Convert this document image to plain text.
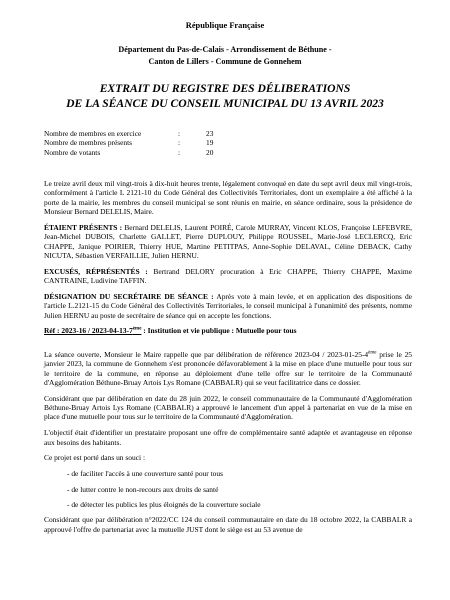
République Française
Département du Pas-de-Calais - Arrondissement de Béthune -
Canton de Lillers - Commune de Gonnehem
EXTRAIT DU REGISTRE DES DÉLIBERATIONS
DE LA SÉANCE DU CONSEIL MUNICIPAL DU 13 AVRIL 2023
Nombre de membres en exercice	:	23
Nombre de membres présents	:	19
Nombre de votants	:	20

Le treize avril deux mil vingt-trois à dix-huit heures trente, légalement convoqué en date du sept avril deux mil vingt-trois, conformément à l'article L 2121-10 du Code Général des Collectivités Territoriales, dont un exemplaire a été affiché à la porte de la mairie, les membres du conseil municipal se sont réunis en mairie, en séance ordinaire, sous la présidence de Monsieur Bernard DELELIS, Maire.

ÉTAIENT PRÉSENTS : Bernard DELELIS, Laurent POIRÉ, Carole MURRAY, Vincent KLOS, Françoise LEFEBVRE, Jean-Michel DUBOIS, Charlette GALLET, Pierre DUPLOUY, Philippe ROUSSEL, Marie-José LECLERCQ, Eric CHAPPE, Janique POIRIER, Thierry HUE, Martine PETITPAS, Anne-Sophie DELAVAL, Céline DEBACK, Cathy NICUTA, Sébastien VERFAILLIE, Julien HERNU.

EXCUSÉS, RÉPRÉSENTÉS : Bertrand DELORY procuration à Eric CHAPPE, Thierry CHAPPE, Maxime CANTRAINE, Ludivine TAFFIN.

DÉSIGNATION DU SECRÉTAIRE DE SÉANCE : Après vote à main levée, et en application des dispositions de l'article L.2121-15 du Code Général des Collectivités Territoriales, le conseil municipal à l'unanimité des présents, nomme Julien HERNU au poste de secrétaire de séance qui en accepte les fonctions.

Réf : 2023-16 / 2023-04-13-7ème : Institution et vie publique : Mutuelle pour tous

La séance ouverte, Monsieur le Maire rappelle que par délibération de référence 2023-04 / 2023-01-25-4ème prise le 25 janvier 2023, la commune de Gonnehem s'est prononcée défavorablement à la mise en place d'une mutuelle pour tous sur le territoire de la commune, en réponse au déploiement d'une telle offre sur le territoire de la Communauté d'Agglomération Béthune-Bruay Artois Lys Romane (CABBALR) qui se veut facilitatrice dans ce dossier.

Considérant que par délibération en date du 28 juin 2022, le conseil communautaire de la Communauté d'Agglomération Béthune-Bruay Artois Lys Romane (CABBALR) a approuvé le lancement d'un appel à partenariat en vue de la mise en place d'une mutuelle pour tous sur le territoire de la Communauté d'Agglomération.

L'objectif était d'identifier un prestataire proposant une offre de complémentaire santé adaptée et avantageuse en réponse aux besoins des habitants.

Ce projet est porté dans un souci :

- de faciliter l'accès à une couverture santé pour tous
- de lutter contre le non-recours aux droits de santé
- de détecter les publics les plus éloignés de la couverture sociale

Considérant que par délibération n°2022/CC 124 du conseil communautaire en date du 18 octobre 2022, la CABBALR a approuvé l'offre de partenariat avec la mutuelle JUST dont le siège est au 53 avenue de
